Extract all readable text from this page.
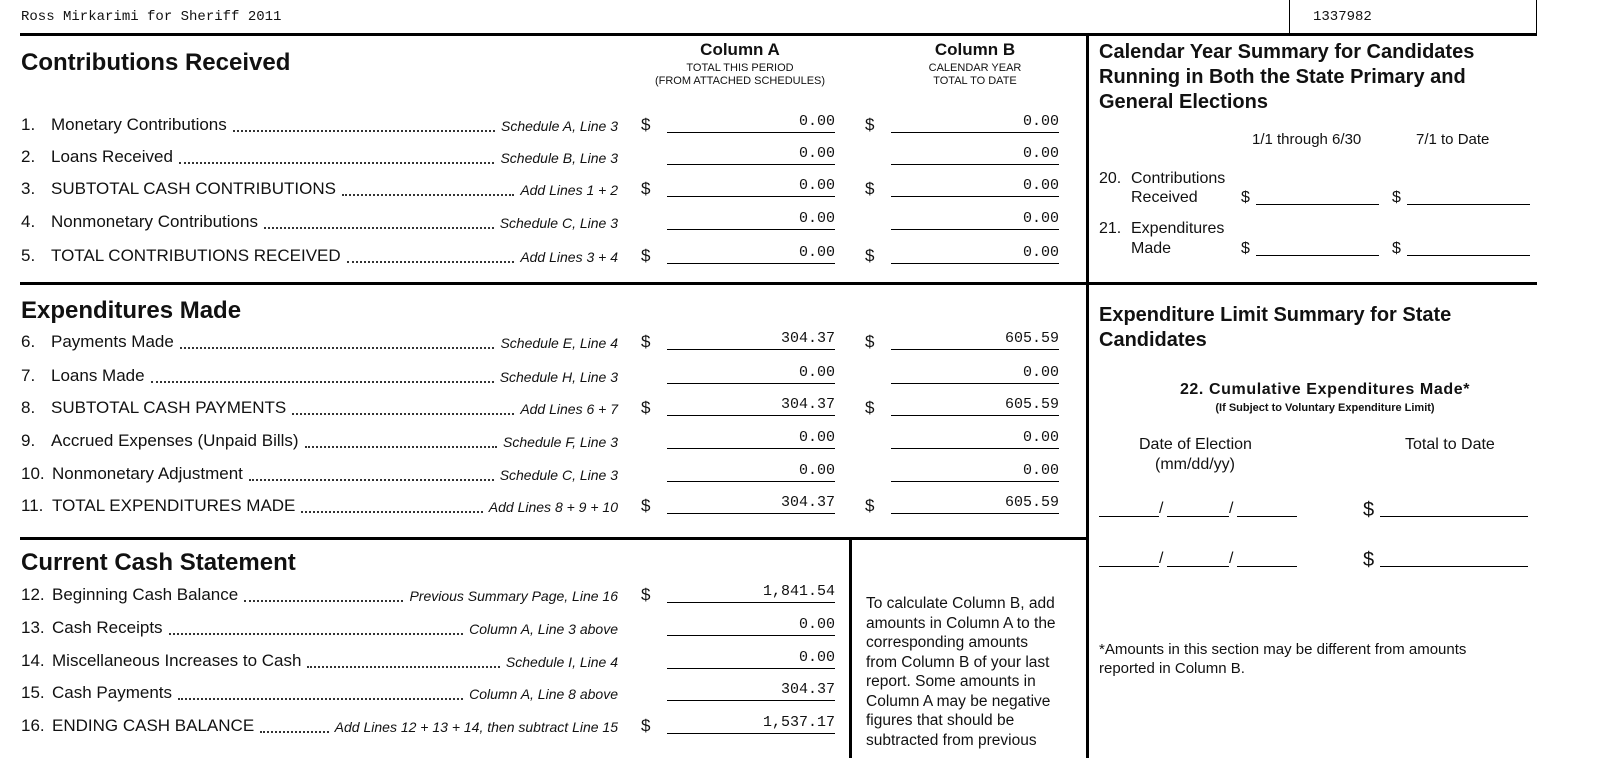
Ross Mirkarimi for Sheriff 2011	1337982
Column A
TOTAL THIS PERIOD
(FROM ATTACHED SCHEDULES)
Column B
CALENDAR YEAR
TOTAL TO DATE
Contributions Received
Expenditures Made
Current Cash Statement
1. Monetary Contributions	Schedule A, Line 3 $	0.00 $	0.00
2. Loans Received	Schedule B, Line 3	0.00	0.00
3. SUBTOTAL CASH CONTRIBUTIONS	Add Lines 1 + 2 $	0.00 $	0.00
4. Nonmonetary Contributions	Schedule C, Line 3	0.00	0.00
5. TOTAL CONTRIBUTIONS RECEIVED	Add Lines 3 + 4 $	0.00 $	0.00
6. Payments Made	Schedule E, Line 4 $	304.37 $	605.59
7. Loans Made	Schedule H, Line 3	0.00	0.00
8. SUBTOTAL CASH PAYMENTS	Add Lines 6 + 7 $	304.37 $	605.59
9. Accrued Expenses (Unpaid Bills)	Schedule F, Line 3	0.00	0.00
10. Nonmonetary Adjustment	Schedule C, Line 3	0.00	0.00
11. TOTAL EXPENDITURES MADE	Add Lines 8 + 9 + 10 $	304.37 $	605.59
12. Beginning Cash Balance	Previous Summary Page, Line 16 $	1,841.54
13. Cash Receipts	Column A, Line 3 above	0.00
14. Miscellaneous Increases to Cash	Schedule I, Line 4	0.00
15. Cash Payments	Column A, Line 8 above	304.37
16. ENDING CASH BALANCE	Add Lines 12 + 13 + 14, then subtract Line 15 $	1,537.17
To calculate Column B, add
amounts in Column A to the
corresponding amounts
from Column B of your last
report. Some amounts in
Column A may be negative
figures that should be
subtracted from previous
Calendar Year Summary for Candidates
Running in Both the State Primary and
General Elections
1/1 through 6/30	7/1 to Date
20. Contributions
Received	$	$
21. Expenditures
Made	$	$
Expenditure Limit Summary for State
Candidates
22. Cumulative Expenditures Made*
(If Subject to Voluntary Expenditure Limit)
Date of Election
(mm/dd/yy)
Total to Date
/	/	$
/	/	$
*Amounts in this section may be different from amounts
reported in Column B.
